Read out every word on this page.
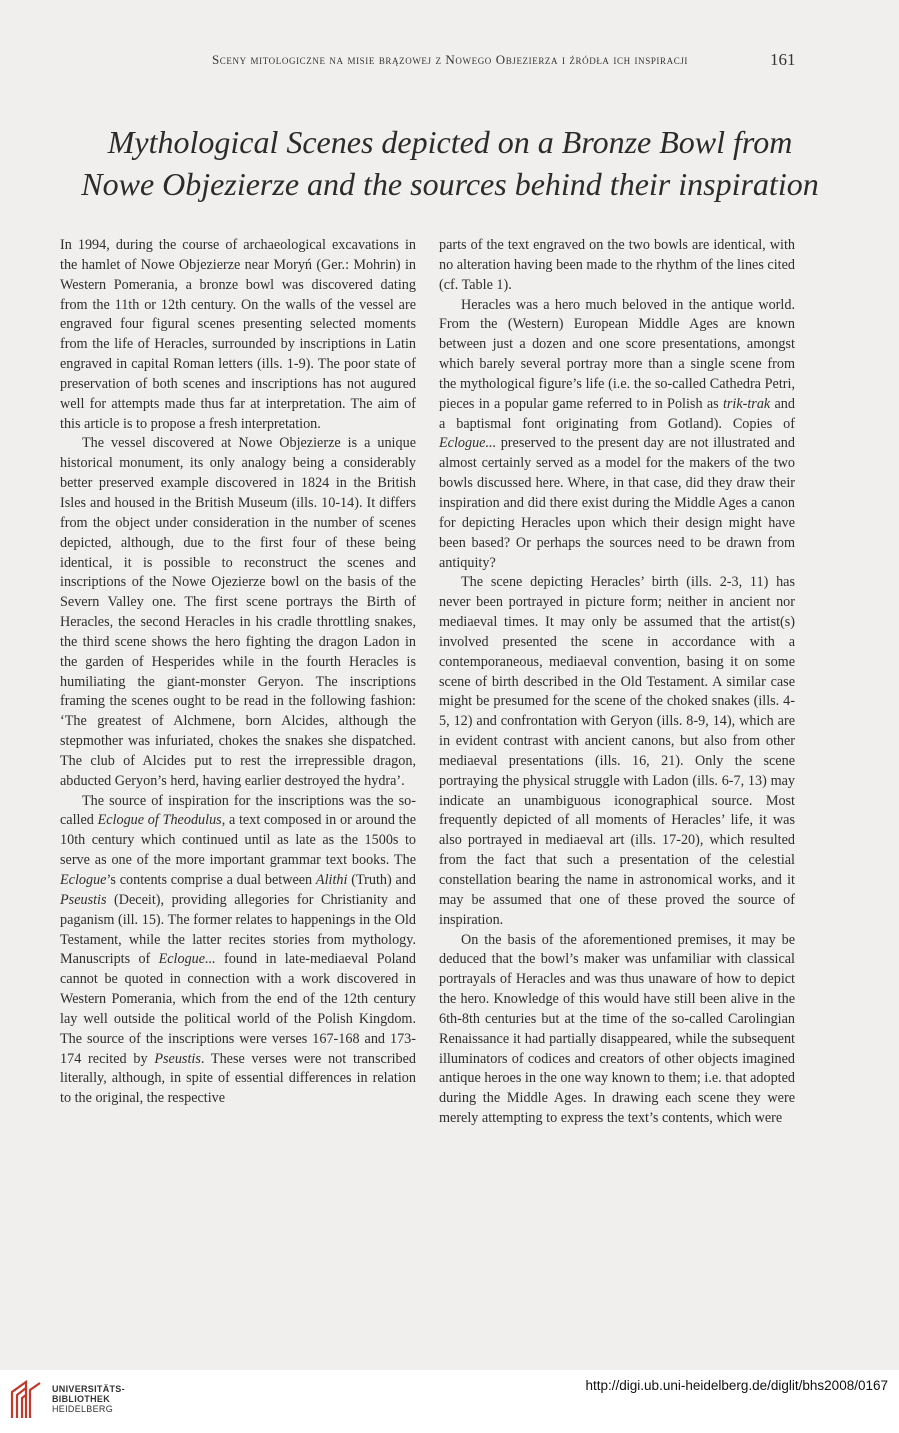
Sceny mitologiczne na misie brązowej z Nowego Objezierza i źródła ich inspiracji	161
Mythological Scenes depicted on a Bronze Bowl from
Nowe Objezierze and the sources behind their inspiration

In 1994, during the course of archaeological excavations in the hamlet of Nowe Objezierze near Moryń (Ger.: Mohrin) in Western Pomerania, a bronze bowl was discovered dating from the 11th or 12th century. On the walls of the vessel are engraved four figural scenes presenting selected moments from the life of Heracles, surrounded by inscriptions in Latin engraved in capital Roman letters (ills. 1-9). The poor state of preservation of both scenes and inscriptions has not augured well for attempts made thus far at interpretation. The aim of this article is to propose a fresh interpretation.

The vessel discovered at Nowe Objezierze is a unique historical monument, its only analogy being a considerably better preserved example discovered in 1824 in the British Isles and housed in the British Museum (ills. 10-14). It differs from the object under consideration in the number of scenes depicted, although, due to the first four of these being identical, it is possible to reconstruct the scenes and inscriptions of the Nowe Ojezierze bowl on the basis of the Severn Valley one. The first scene portrays the Birth of Heracles, the second Heracles in his cradle throttling snakes, the third scene shows the hero fighting the dragon Ladon in the garden of Hesperides while in the fourth Heracles is humiliating the giant-monster Geryon. The inscriptions framing the scenes ought to be read in the following fashion: ‘The greatest of Alchmene, born Alcides, although the stepmother was infuriated, chokes the snakes she dispatched. The club of Alcides put to rest the irrepressible dragon, abducted Geryon’s herd, having earlier destroyed the hydra’.

The source of inspiration for the inscriptions was the so-called Eclogue of Theodulus, a text composed in or around the 10th century which continued until as late as the 1500s to serve as one of the more important grammar text books. The Eclogue’s contents comprise a dual between Alithi (Truth) and Pseustis (Deceit), providing allegories for Christianity and paganism (ill. 15). The former relates to happenings in the Old Testament, while the latter recites stories from mythology. Manuscripts of Eclogue... found in late-mediaeval Poland cannot be quoted in connection with a work discovered in Western Pomerania, which from the end of the 12th century lay well outside the political world of the Polish Kingdom. The source of the inscriptions were verses 167-168 and 173-174 recited by Pseustis. These verses were not transcribed literally, although, in spite of essential differences in relation to the original, the respective

parts of the text engraved on the two bowls are identical, with no alteration having been made to the rhythm of the lines cited (cf. Table 1).

Heracles was a hero much beloved in the antique world. From the (Western) European Middle Ages are known between just a dozen and one score presentations, amongst which barely several portray more than a single scene from the mythological figure’s life (i.e. the so-called Cathedra Petri, pieces in a popular game referred to in Polish as trik-trak and a baptismal font originating from Gotland). Copies of Eclogue... preserved to the present day are not illustrated and almost certainly served as a model for the makers of the two bowls discussed here. Where, in that case, did they draw their inspiration and did there exist during the Middle Ages a canon for depicting Heracles upon which their design might have been based? Or perhaps the sources need to be drawn from antiquity?

The scene depicting Heracles’ birth (ills. 2-3, 11) has never been portrayed in picture form; neither in ancient nor mediaeval times. It may only be assumed that the artist(s) involved presented the scene in accordance with a contemporaneous, mediaeval convention, basing it on some scene of birth described in the Old Testament. A similar case might be presumed for the scene of the choked snakes (ills. 4-5, 12) and confrontation with Geryon (ills. 8-9, 14), which are in evident contrast with ancient canons, but also from other mediaeval presentations (ills. 16, 21). Only the scene portraying the physical struggle with Ladon (ills. 6-7, 13) may indicate an unambiguous iconographical source. Most frequently depicted of all moments of Heracles’ life, it was also portrayed in mediaeval art (ills. 17-20), which resulted from the fact that such a presentation of the celestial constellation bearing the name in astronomical works, and it may be assumed that one of these proved the source of inspiration.

On the basis of the aforementioned premises, it may be deduced that the bowl’s maker was unfamiliar with classical portrayals of Heracles and was thus unaware of how to depict the hero. Knowledge of this would have still been alive in the 6th-8th centuries but at the time of the so-called Carolingian Renaissance it had partially disappeared, while the subsequent illuminators of codices and creators of other objects imagined antique heroes in the one way known to them; i.e. that adopted during the Middle Ages. In drawing each scene they were merely attempting to express the text’s contents, which were

UNIVERSITÄTS-
BIBLIOTHEK
HEIDELBERG
http://digi.ub.uni-heidelberg.de/diglit/bhs2008/0167
